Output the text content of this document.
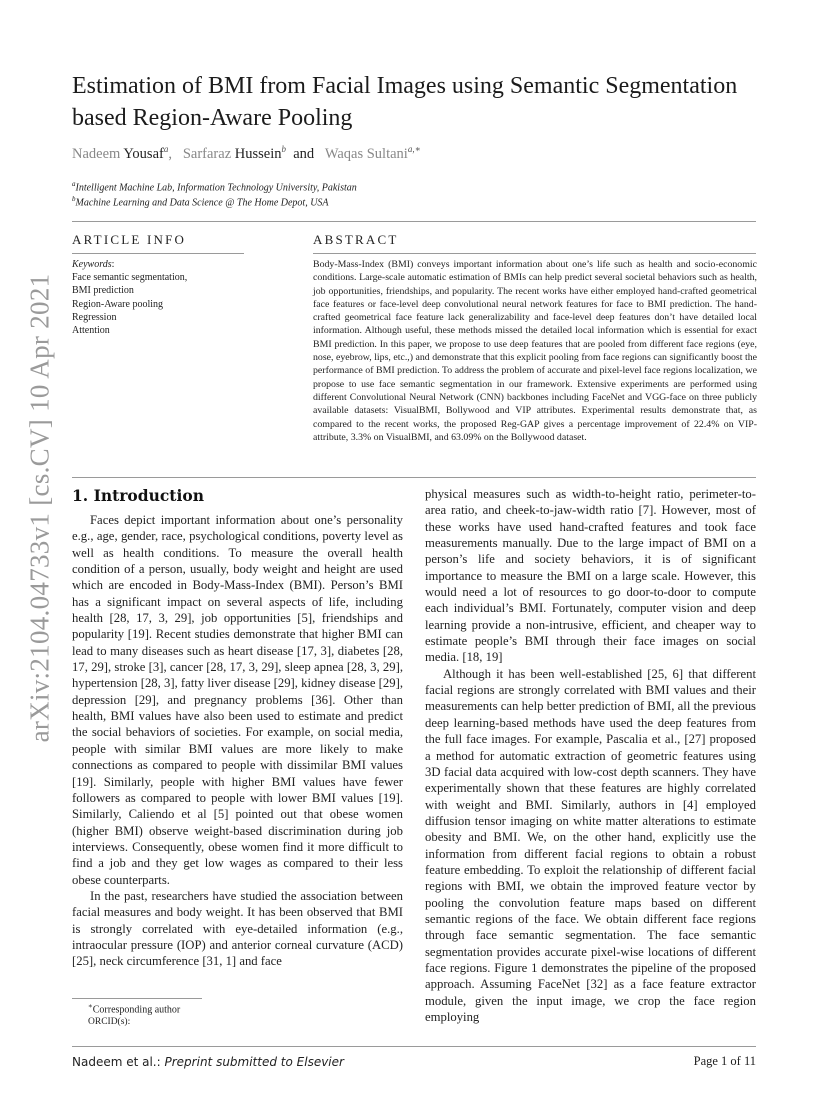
arXiv:2104.04733v1 [cs.CV] 10 Apr 2021
Estimation of BMI from Facial Images using Semantic Segmentation based Region-Aware Pooling
Nadeem Yousaf$^a$,   Sarfaraz Hussein$^b$  and   Waqas Sultani$^{a,∗}$
$^a$Intelligent Machine Lab, Information Technology University, Pakistan
$^b$Machine Learning and Data Science @ The Home Depot, USA
ARTICLE INFO
Keywords:
Face semantic segmentation,
BMI prediction
Region-Aware pooling
Regression
Attention
ABSTRACT
Body-Mass-Index (BMI) conveys important information about one’s life such as health and socio-economic conditions. Large-scale automatic estimation of BMIs can help predict several societal behaviors such as health, job opportunities, friendships, and popularity. The recent works have either employed hand-crafted geometrical face features or face-level deep convolutional neural network features for face to BMI prediction. The hand-crafted geometrical face feature lack generalizability and face-level deep features don’t have detailed local information. Although useful, these methods missed the detailed local information which is essential for exact BMI prediction. In this paper, we propose to use deep features that are pooled from different face regions (eye, nose, eyebrow, lips, etc.,) and demonstrate that this explicit pooling from face regions can significantly boost the performance of BMI prediction. To address the problem of accurate and pixel-level face regions localization, we propose to use face semantic segmentation in our framework. Extensive experiments are performed using different Convolutional Neural Network (CNN) backbones including FaceNet and VGG-face on three publicly available datasets: VisualBMI, Bollywood and VIP attributes. Experimental results demonstrate that, as compared to the recent works, the proposed Reg-GAP gives a percentage improvement of 22.4% on VIP-attribute, 3.3% on VisualBMI, and 63.09% on the Bollywood dataset.
1. Introduction

Faces depict important information about one’s personality e.g., age, gender, race, psychological conditions, poverty level as well as health conditions. To measure the overall health condition of a person, usually, body weight and height are used which are encoded in Body-Mass-Index (BMI). Person’s BMI has a significant impact on several aspects of life, including health [28, 17, 3, 29], job opportunities [5], friendships and popularity [19]. Recent studies demonstrate that higher BMI can lead to many diseases such as heart disease [17, 3], diabetes [28, 17, 29], stroke [3], cancer [28, 17, 3, 29], sleep apnea [28, 3, 29], hypertension [28, 3], fatty liver disease [29], kidney disease [29], depression [29], and pregnancy problems [36]. Other than health, BMI values have also been used to estimate and predict the social behaviors of societies. For example, on social media, people with similar BMI values are more likely to make connections as compared to people with dissimilar BMI values [19]. Similarly, people with higher BMI values have fewer followers as compared to people with lower BMI values [19]. Similarly, Caliendo et al [5] pointed out that obese women (higher BMI) observe weight-based discrimination during job interviews. Consequently, obese women find it more difficult to find a job and they get low wages as compared to their less obese counterparts.

In the past, researchers have studied the association between facial measures and body weight. It has been observed that BMI is strongly correlated with eye-detailed information (e.g., intraocular pressure (IOP) and anterior corneal curvature (ACD) [25], neck circumference [31, 1] and face

physical measures such as width-to-height ratio, perimeter-to-area ratio, and cheek-to-jaw-width ratio [7]. However, most of these works have used hand-crafted features and took face measurements manually. Due to the large impact of BMI on a person’s life and society behaviors, it is of significant importance to measure the BMI on a large scale. However, this would need a lot of resources to go door-to-door to compute each individual’s BMI. Fortunately, computer vision and deep learning provide a non-intrusive, efficient, and cheaper way to estimate people’s BMI through their face images on social media. [18, 19]

Although it has been well-established [25, 6] that different facial regions are strongly correlated with BMI values and their measurements can help better prediction of BMI, all the previous deep learning-based methods have used the deep features from the full face images. For example, Pascalia et al., [27] proposed a method for automatic extraction of geometric features using 3D facial data acquired with low-cost depth scanners. They have experimentally shown that these features are highly correlated with weight and BMI. Similarly, authors in [4] employed diffusion tensor imaging on white matter alterations to estimate obesity and BMI. We, on the other hand, explicitly use the information from different facial regions to obtain a robust feature embedding. To exploit the relationship of different facial regions with BMI, we obtain the improved feature vector by pooling the convolution feature maps based on different semantic regions of the face. We obtain different face regions through face semantic segmentation. The face semantic segmentation provides accurate pixel-wise locations of different face regions. Figure 1 demonstrates the pipeline of the proposed approach. Assuming FaceNet [32] as a face feature extractor module, given the input image, we crop the face region employing

∗Corresponding author
ORCID(s):
Nadeem et al.: Preprint submitted to Elsevier	Page 1 of 11
